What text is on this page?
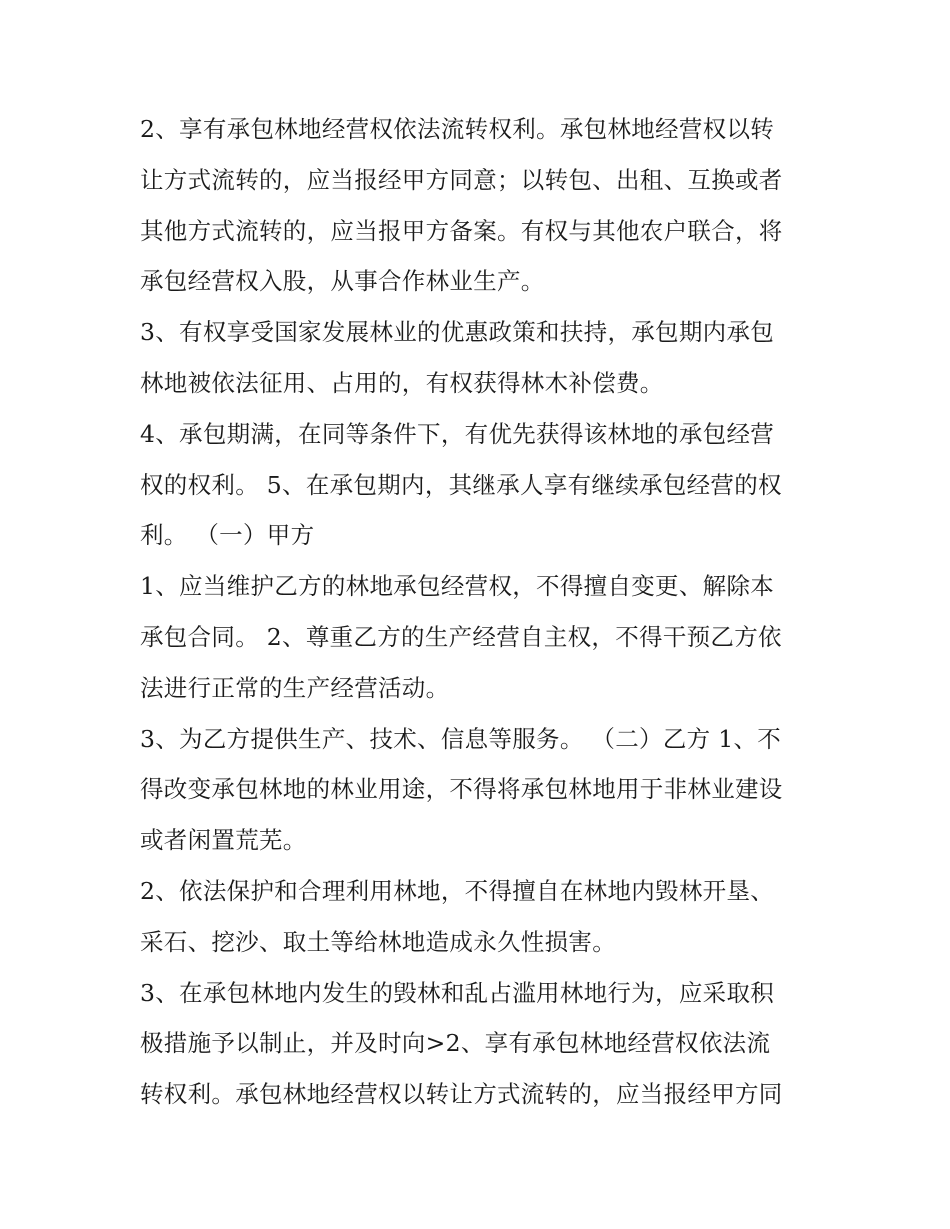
2、享有承包林地经营权依法流转权利。承包林地经营权以转
让方式流转的，应当报经甲方同意；以转包、出租、互换或者
其他方式流转的，应当报甲方备案。有权与其他农户联合，将
承包经营权入股，从事合作林业生产。
3、有权享受国家发展林业的优惠政策和扶持，承包期内承包
林地被依法征用、占用的，有权获得林木补偿费。
4、承包期满，在同等条件下，有优先获得该林地的承包经营
权的权利。 5、在承包期内，其继承人享有继续承包经营的权
利。 （一）甲方
1、应当维护乙方的林地承包经营权，不得擅自变更、解除本
承包合同。 2、尊重乙方的生产经营自主权，不得干预乙方依
法进行正常的生产经营活动。
3、为乙方提供生产、技术、信息等服务。 （二）乙方 1、不
得改变承包林地的林业用途，不得将承包林地用于非林业建设
或者闲置荒芜。
2、依法保护和合理利用林地，不得擅自在林地内毁林开垦、
采石、挖沙、取土等给林地造成永久性损害。
3、在承包林地内发生的毁林和乱占滥用林地行为，应采取积
极措施予以制止，并及时向>2、享有承包林地经营权依法流
转权利。承包林地经营权以转让方式流转的，应当报经甲方同
